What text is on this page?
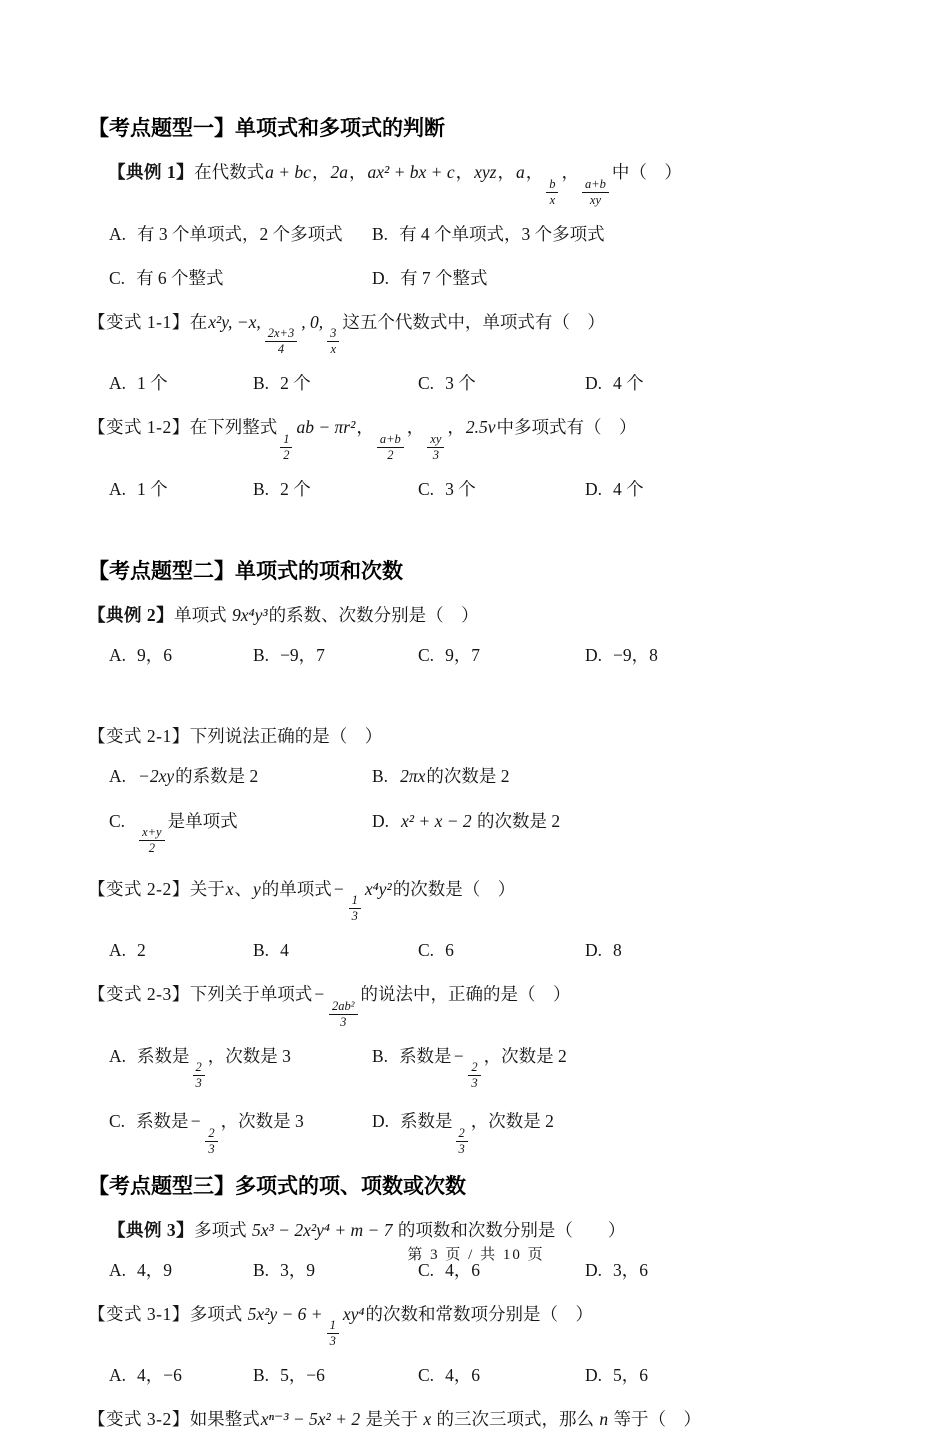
【考点题型一】单项式和多项式的判断
【典例 1】在代数式a + bc，2a，ax² + bx + c，xyz，a，
$\frac{b}{x}$
，
$\frac{a+b}{xy}$
中（　）
A. 有 3 个单项式，2 个多项式	B. 有 4 个单项式，3 个多项式
C. 有 6 个整式	D. 有 7 个整式
【变式 1-1】在x²y, −x,
$\frac{2x+3}{4}$
, 0,
$\frac{3}{x}$
这五个代数式中，单项式有（　）
A. 1 个	B. 2 个	C. 3 个	D. 4 个
【变式 1-2】在下列整式
$\frac{1}{2}$
ab − πr²，
$\frac{a+b}{2}$
，
$\frac{xy}{3}$
，2.5v中多项式有（　）
A. 1 个	B. 2 个	C. 3 个	D. 4 个
【考点题型二】单项式的项和次数
【典例 2】单项式 9x⁴y³的系数、次数分别是（　）
A. 9，6	B. −9，7	C. 9，7	D. −9，8
【变式 2-1】下列说法正确的是（　）
A. −2xy的系数是 2	B. 2πx的次数是 2
C.
$\frac{x+y}{2}$
是单项式	D. x² + x − 2 的次数是 2
【变式 2-2】关于x、y的单项式−
$\frac{1}{3}$
x⁴y²的次数是（　）
A. 2	B. 4	C. 6	D. 8
【变式 2-3】下列关于单项式−
$\frac{\text{2ab²}}{3}$
的说法中，正确的是（　）
A. 系数是
$\frac{2}{3}$
，次数是 3	B. 系数是−
$\frac{2}{3}$
，次数是 2
C. 系数是−
$\frac{2}{3}$
，次数是 3	D. 系数是
$\frac{2}{3}$
，次数是 2
【考点题型三】多项式的项、项数或次数
【典例 3】多项式 5x³ − 2x²y⁴ + m − 7 的项数和次数分别是（　　）
A. 4，9	B. 3，9	C. 4，6	D. 3，6
【变式 3-1】多项式 5x²y − 6 +
$\frac{1}{3}$
xy⁴的次数和常数项分别是（　）
A. 4，−6	B. 5，−6	C. 4，6	D. 5，6
【变式 3-2】如果整式xⁿ⁻³ − 5x² + 2 是关于 x 的三次三项式，那么 n 等于（　）
第 3 页 / 共 10 页
